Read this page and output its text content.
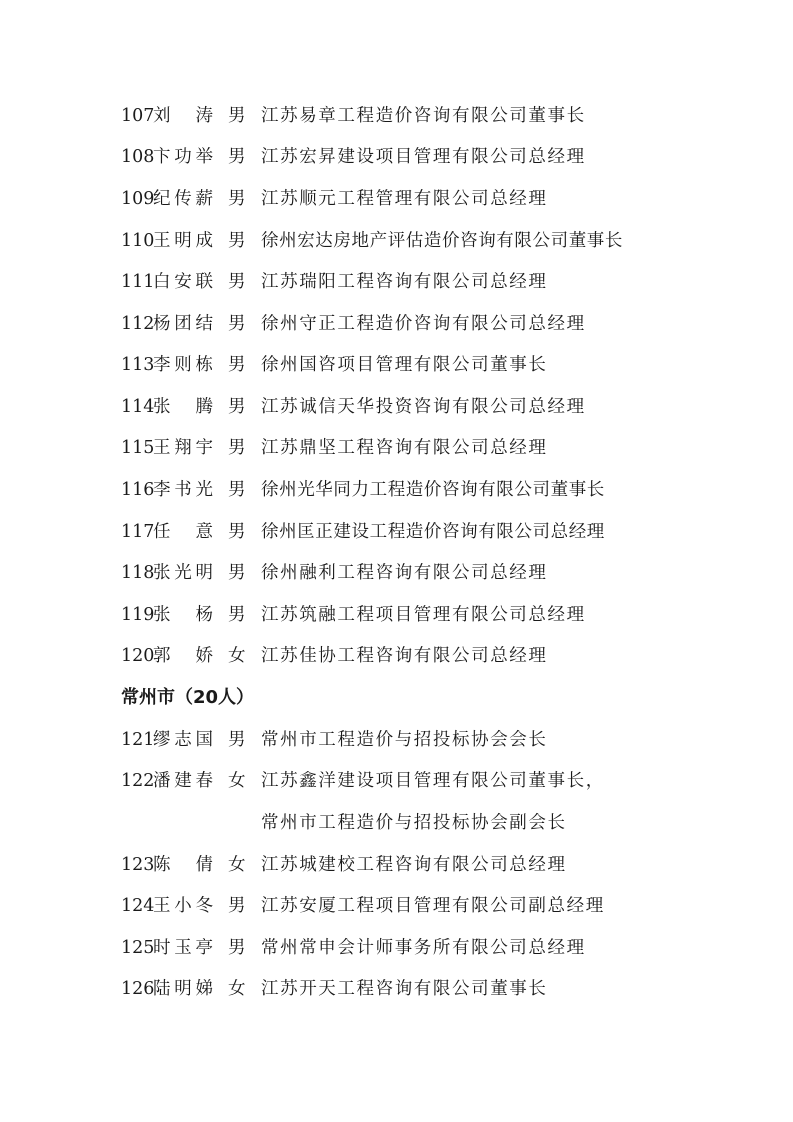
107
刘 涛 男 江苏易章工程造价咨询有限公司董事长
108
卞 功 举 男 江苏宏昇建设项目管理有限公司总经理
109
纪 传 薪 男 江苏顺元工程管理有限公司总经理
110
王 明 成 男 徐州宏达房地产评估造价咨询有限公司董事长
111
白 安 联 男 江苏瑞阳工程咨询有限公司总经理
112
杨 团 结 男 徐州守正工程造价咨询有限公司总经理
113
李 则 栋 男 徐州国咨项目管理有限公司董事长
114
张 腾 男 江苏诚信天华投资咨询有限公司总经理
115
王 翔 宇 男 江苏鼎坚工程咨询有限公司总经理
116
李 书 光 男 徐州光华同力工程造价咨询有限公司董事长
117
任 意 男 徐州匡正建设工程造价咨询有限公司总经理
118
张 光 明 男 徐州融利工程咨询有限公司总经理
119
张 杨 男 江苏筑融工程项目管理有限公司总经理
120
郭 娇 女 江苏佳协工程咨询有限公司总经理
常州市（20人）
121
缪 志 国 男 常州市工程造价与招投标协会会长
122
潘 建 春 女 江苏鑫洋建设项目管理有限公司董事长，
常州市工程造价与招投标协会副会长
123
陈 倩 女 江苏城建校工程咨询有限公司总经理
124
王 小 冬 男 江苏安厦工程项目管理有限公司副总经理
125
时 玉 亭 男 常州常申会计师事务所有限公司总经理
126
陆 明 娣 女 江苏开天工程咨询有限公司董事长
